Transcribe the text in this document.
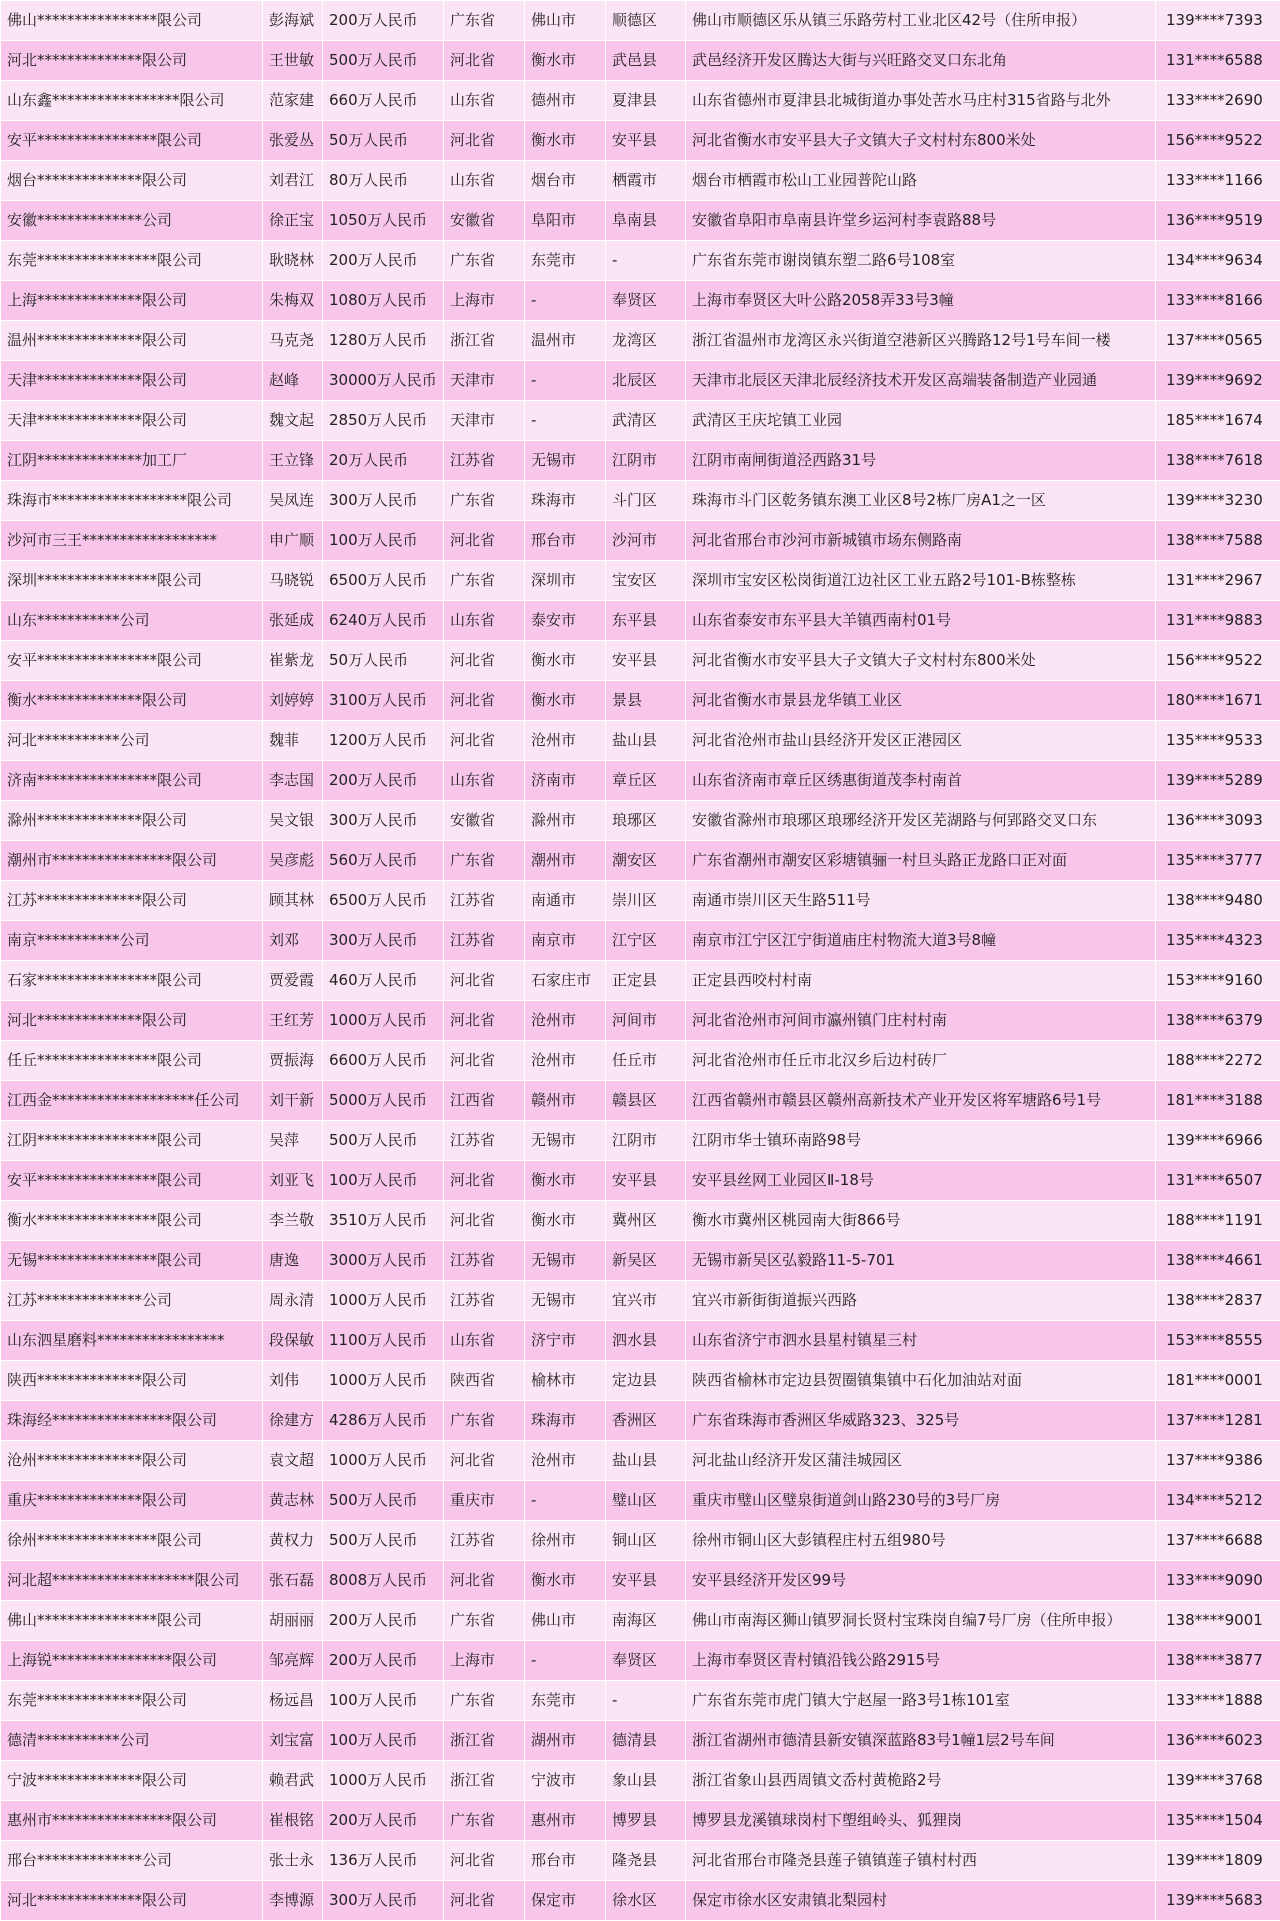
佛山****************限公司	彭海斌	200万人民币	广东省	佛山市	顺德区	佛山市顺德区乐从镇三乐路劳村工业北区42号（住所申报）	139****7393
河北**************限公司	王世敏	500万人民币	河北省	衡水市	武邑县	武邑经济开发区腾达大街与兴旺路交叉口东北角	131****6588
山东鑫*****************限公司	范家建	660万人民币	山东省	德州市	夏津县	山东省德州市夏津县北城街道办事处苦水马庄村315省路与北外	133****2690
安平****************限公司	张爱丛	50万人民币	河北省	衡水市	安平县	河北省衡水市安平县大子文镇大子文村村东800米处	156****9522
烟台**************限公司	刘君江	80万人民币	山东省	烟台市	栖霞市	烟台市栖霞市松山工业园普陀山路	133****1166
安徽**************公司	徐正宝	1050万人民币	安徽省	阜阳市	阜南县	安徽省阜阳市阜南县许堂乡运河村李袁路88号	136****9519
东莞****************限公司	耿晓林	200万人民币	广东省	东莞市	-	广东省东莞市谢岗镇东塑二路6号108室	134****9634
上海**************限公司	朱梅双	1080万人民币	上海市	-	奉贤区	上海市奉贤区大叶公路2058弄33号3幢	133****8166
温州**************限公司	马克尧	1280万人民币	浙江省	温州市	龙湾区	浙江省温州市龙湾区永兴街道空港新区兴腾路12号1号车间一楼	137****0565
天津**************限公司	赵峰	30000万人民币	天津市	-	北辰区	天津市北辰区天津北辰经济技术开发区高端装备制造产业园通	139****9692
天津**************限公司	魏文起	2850万人民币	天津市	-	武清区	武清区王庆坨镇工业园	185****1674
江阴**************加工厂	王立锋	20万人民币	江苏省	无锡市	江阴市	江阴市南闸街道泾西路31号	138****7618
珠海市******************限公司	吴凤连	300万人民币	广东省	珠海市	斗门区	珠海市斗门区乾务镇东澳工业区8号2栋厂房A1之一区	139****3230
沙河市三王******************	申广顺	100万人民币	河北省	邢台市	沙河市	河北省邢台市沙河市新城镇市场东侧路南	138****7588
深圳****************限公司	马晓锐	6500万人民币	广东省	深圳市	宝安区	深圳市宝安区松岗街道江边社区工业五路2号101-B栋整栋	131****2967
山东***********公司	张延成	6240万人民币	山东省	泰安市	东平县	山东省泰安市东平县大羊镇西南村01号	131****9883
安平****************限公司	崔紫龙	50万人民币	河北省	衡水市	安平县	河北省衡水市安平县大子文镇大子文村村东800米处	156****9522
衡水**************限公司	刘婷婷	3100万人民币	河北省	衡水市	景县	河北省衡水市景县龙华镇工业区	180****1671
河北***********公司	魏菲	1200万人民币	河北省	沧州市	盐山县	河北省沧州市盐山县经济开发区正港园区	135****9533
济南****************限公司	李志国	200万人民币	山东省	济南市	章丘区	山东省济南市章丘区绣惠街道茂李村南首	139****5289
滁州**************限公司	吴文银	300万人民币	安徽省	滁州市	琅琊区	安徽省滁州市琅琊区琅琊经济开发区芜湖路与何郢路交叉口东	136****3093
潮州市****************限公司	吴彦彪	560万人民币	广东省	潮州市	潮安区	广东省潮州市潮安区彩塘镇骊一村旦头路正龙路口正对面	135****3777
江苏**************限公司	顾其林	6500万人民币	江苏省	南通市	崇川区	南通市崇川区天生路511号	138****9480
南京***********公司	刘邓	300万人民币	江苏省	南京市	江宁区	南京市江宁区江宁街道庙庄村物流大道3号8幢	135****4323
石家****************限公司	贾爱霞	460万人民币	河北省	石家庄市	正定县	正定县西咬村村南	153****9160
河北**************限公司	王红芳	1000万人民币	河北省	沧州市	河间市	河北省沧州市河间市瀛州镇门庄村村南	138****6379
任丘****************限公司	贾振海	6600万人民币	河北省	沧州市	任丘市	河北省沧州市任丘市北汉乡后边村砖厂	188****2272
江西金*******************任公司	刘干新	5000万人民币	江西省	赣州市	赣县区	江西省赣州市赣县区赣州高新技术产业开发区将军塘路6号1号	181****3188
江阴****************限公司	吴萍	500万人民币	江苏省	无锡市	江阴市	江阴市华士镇环南路98号	139****6966
安平****************限公司	刘亚飞	100万人民币	河北省	衡水市	安平县	安平县丝网工业园区Ⅱ-18号	131****6507
衡水****************限公司	李兰敬	3510万人民币	河北省	衡水市	冀州区	衡水市冀州区桃园南大街866号	188****1191
无锡****************限公司	唐逸	3000万人民币	江苏省	无锡市	新吴区	无锡市新吴区弘毅路11-5-701	138****4661
江苏**************公司	周永清	1000万人民币	江苏省	无锡市	宜兴市	宜兴市新街街道振兴西路	138****2837
山东泗星磨料*****************	段保敏	1100万人民币	山东省	济宁市	泗水县	山东省济宁市泗水县星村镇星三村	153****8555
陕西**************限公司	刘伟	1000万人民币	陕西省	榆林市	定边县	陕西省榆林市定边县贺圈镇集镇中石化加油站对面	181****0001
珠海经****************限公司	徐建方	4286万人民币	广东省	珠海市	香洲区	广东省珠海市香洲区华威路323、325号	137****1281
沧州**************限公司	袁文超	1000万人民币	河北省	沧州市	盐山县	河北盐山经济开发区蒲洼城园区	137****9386
重庆**************限公司	黄志林	500万人民币	重庆市	-	璧山区	重庆市璧山区璧泉街道剑山路230号的3号厂房	134****5212
徐州****************限公司	黄权力	500万人民币	江苏省	徐州市	铜山区	徐州市铜山区大彭镇程庄村五组980号	137****6688
河北超*******************限公司	张石磊	8008万人民币	河北省	衡水市	安平县	安平县经济开发区99号	133****9090
佛山****************限公司	胡丽丽	200万人民币	广东省	佛山市	南海区	佛山市南海区狮山镇罗洞长贤村宝珠岗自编7号厂房（住所申报）	138****9001
上海锐****************限公司	邹亮辉	200万人民币	上海市	-	奉贤区	上海市奉贤区青村镇沿钱公路2915号	138****3877
东莞**************限公司	杨远昌	100万人民币	广东省	东莞市	-	广东省东莞市虎门镇大宁赵屋一路3号1栋101室	133****1888
德清***********公司	刘宝富	100万人民币	浙江省	湖州市	德清县	浙江省湖州市德清县新安镇深蓝路83号1幢1层2号车间	136****6023
宁波**************限公司	赖君武	1000万人民币	浙江省	宁波市	象山县	浙江省象山县西周镇文岙村黄桅路2号	139****3768
惠州市****************限公司	崔根铭	200万人民币	广东省	惠州市	博罗县	博罗县龙溪镇球岗村下塱组岭头、狐狸岗	135****1504
邢台**************公司	张士永	136万人民币	河北省	邢台市	隆尧县	河北省邢台市隆尧县莲子镇镇莲子镇村村西	139****1809
河北**************限公司	李博源	300万人民币	河北省	保定市	徐水区	保定市徐水区安肃镇北梨园村	139****5683
